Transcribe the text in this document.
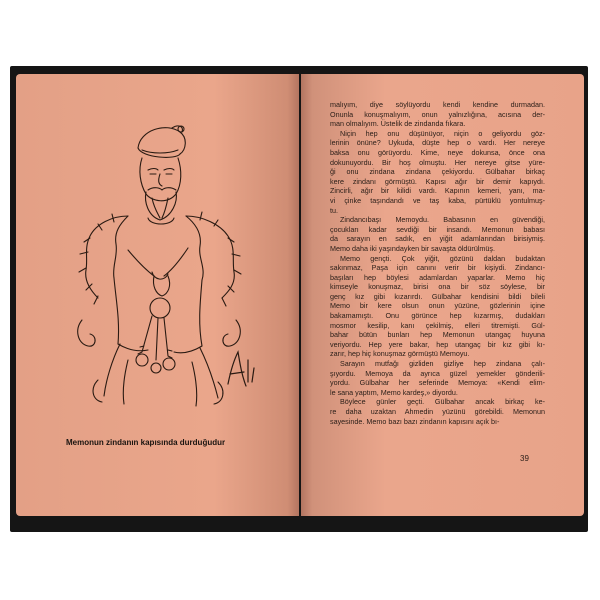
Memonun zindanın kapısında durduğudur
malıyım, diye söylüyordu kendi kendine durmadan.
Onunla konuşmalıyım, onun yalnızlığına, acısına der-
man olmalıyım. Üstelik de zindanda fıkara.
Niçin hep onu düşünüyor, niçin o geliyordu göz-
lerinin önüne? Uykuda, düşte hep o vardı. Her nereye
baksa onu görüyordu. Kime, neye dokunsa, önce ona
dokunuyordu. Bir hoş olmuştu. Her nereye gitse yüre-
ği onu zindana zindana çekiyordu. Gülbahar birkaç
kere zindanı görmüştü. Kapısı ağır bir demir kapıydı.
Zincirli, ağır bir kilidi vardı. Kapının kemeri, yanı, ma-
vi çinke taşındandı ve taş kaba, pürtüklü yontulmuş-
tu.
Zindancıbaşı Memoydu. Babasının en güvendiği,
çocukları kadar sevdiği bir insandı. Memonun babası
da sarayın en sadık, en yiğit adamlarından birisiymiş.
Memo daha iki yaşındayken bir savaşta öldürülmüş.
Memo gençti. Çok yiğit, gözünü daldan budaktan
sakınmaz, Paşa için canını verir bir kişiydi. Zindancı-
başıları hep böylesi adamlardan yaparlar. Memo hiç
kimseyle konuşmaz, birisi ona bir söz söylese, bir
genç kız gibi kızarırdı. Gülbahar kendisini bildi bileli
Memo bir kere olsun onun yüzüne, gözlerinin içine
bakamamıştı. Onu görünce hep kızarmış, dudakları
mosmor kesilip, kanı çekilmiş, elleri titremişti. Gül-
bahar bütün bunları hep Memonun utangaç huyuna
veriyordu. Hep yere bakar, hep utangaç bir kız gibi kı-
zarır, hep hiç konuşmaz görmüştü Memoyu.
Sarayın mutfağı gizliden gizliye hep zindana çalı-
şıyordu. Memoya da ayrıca güzel yemekler gönderili-
yordu. Gülbahar her seferinde Memoya: «Kendi elim-
le sana yaptım, Memo kardeş,» diyordu.
Böylece günler geçti. Gülbahar ancak birkaç ke-
re daha uzaktan Ahmedin yüzünü görebildi. Memonun
sayesinde. Memo bazı bazı zindanın kapısını açık bı-
39
